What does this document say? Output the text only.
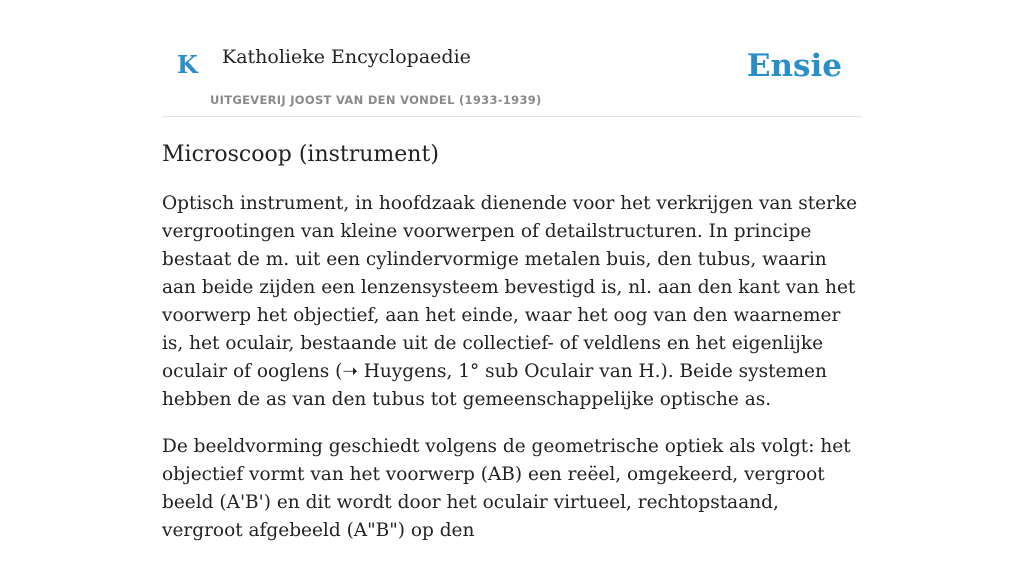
K Katholieke Encyclopaedie
UITGEVERIJ JOOST VAN DEN VONDEL (1933-1939)
Ensie
Microscoop (instrument)

Optisch instrument, in hoofdzaak dienende voor het verkrijgen van sterke vergrootingen van kleine voorwerpen of detailstructuren. In principe bestaat de m. uit een cylindervormige metalen buis, den tubus, waarin aan beide zijden een lenzensysteem bevestigd is, nl. aan den kant van het voorwerp het objectief, aan het einde, waar het oog van den waarnemer is, het oculair, bestaande uit de collectief- of veldlens en het eigenlijke oculair of ooglens (➝ Huygens, 1° sub Oculair van H.). Beide systemen hebben de as van den tubus tot gemeenschappelijke optische as.

De beeldvorming geschiedt volgens de geometrische optiek als volgt: het objectief vormt van het voorwerp (AB) een reëel, omgekeerd, vergroot beeld (A'B') en dit wordt door het oculair virtueel, rechtopstaand, vergroot afgebeeld (A"B") op den
